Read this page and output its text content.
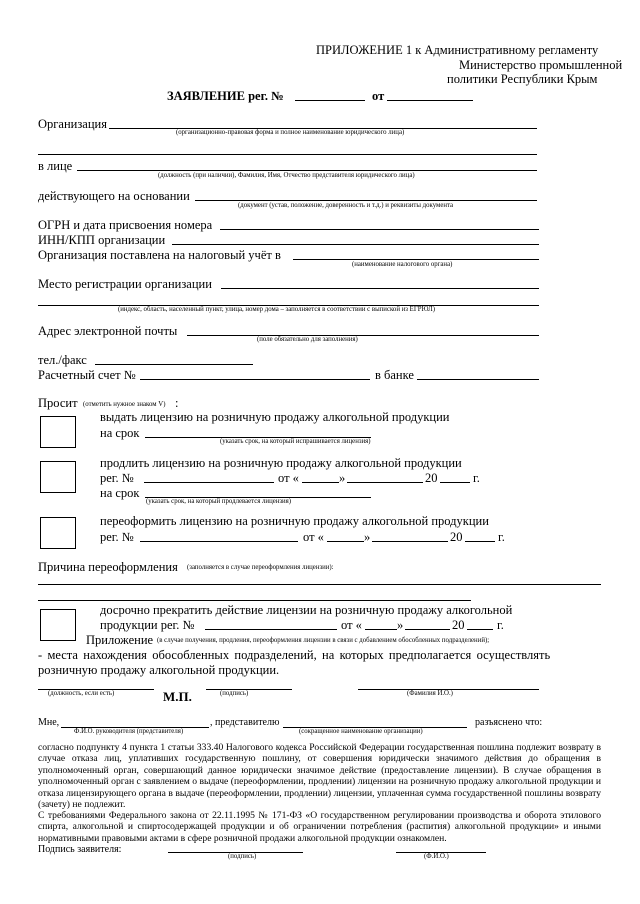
ПРИЛОЖЕНИЕ 1 к Административному регламенту
Министерство промышленной
политики Республики Крым
ЗАЯВЛЕНИЕ рег. №	от
Организация
(организационно-правовая форма и полное наименование юридического лица)
в лице
(должность (при наличии), Фамилия, Имя, Отчество представителя юридического лица)
действующего на основании
(документ (устав, положение, доверенность и т.д.) и реквизиты документа
ОГРН и дата присвоения номера
ИНН/КПП организации
Организация поставлена на налоговый учёт в
(наименование налогового органа)
Место регистрации организации
(индекс, область, населенный пункт, улица, номер дома – заполняется в соответствии с выпиской из ЕГРЮЛ)
Адрес электронной почты
(поле обязательно для заполнения)
тел./факс
Расчетный счет №	в банке
Просит (отметить нужное знаком V) :
выдать лицензию на розничную продажу алкогольной продукции
на срок
(указать срок, на который испрашивается лицензия)
продлить лицензию на розничную продажу алкогольной продукции
рег. №	от «	»	20	г.
на срок
(указать срок, на который продлевается лицензия)
переоформить лицензию на розничную продажу алкогольной продукции
рег. №	от «	»	20	г.
Причина переоформления (заполняется в случае переоформления лицензии):
досрочно прекратить действие лицензии на розничную продажу алкогольной
продукции рег. №	от «	»	20	г.
Приложение (в случае получения, продления, переоформления лицензии в связи с добавлением обособленных подразделений);
- места нахождения обособленных подразделений, на которых предполагается осуществлять
розничную продажу алкогольной продукции.
(должность, если есть)	М.П.	(подпись)	(Фамилия И.О.)
Мне,
Ф.И.О. руководителя (представителя)
, представителю
(сокращенное наименование организации)
разъяснено что:
согласно подпункту 4 пункта 1 статьи 333.40 Налогового кодекса Российской Федерации государственная пошлина подлежит возврату в случае отказа лиц, уплативших государственную пошлину, от совершения юридически значимого действия до обращения в уполномоченный орган, совершающий данное юридически значимое действие (предоставление лицензии). В случае обращения в уполномоченный орган с заявлением о выдаче (переоформлении, продлении) лицензии на розничную продажу алкогольной продукции и отказа лицензирующего органа в выдаче (переоформлении, продлении) лицензии, уплаченная сумма государственной пошлины возврату (зачету) не подлежит.
С требованиями Федерального закона от 22.11.1995 № 171-ФЗ «О государственном регулировании производства и оборота этилового спирта, алкогольной и спиртосодержащей продукции и об ограничении потребления (распития) алкогольной продукции» и иными нормативными правовыми актами в сфере розничной продажи алкогольной продукции ознакомлен.
Подпись заявителя:
(подпись)	(Ф.И.О.)
